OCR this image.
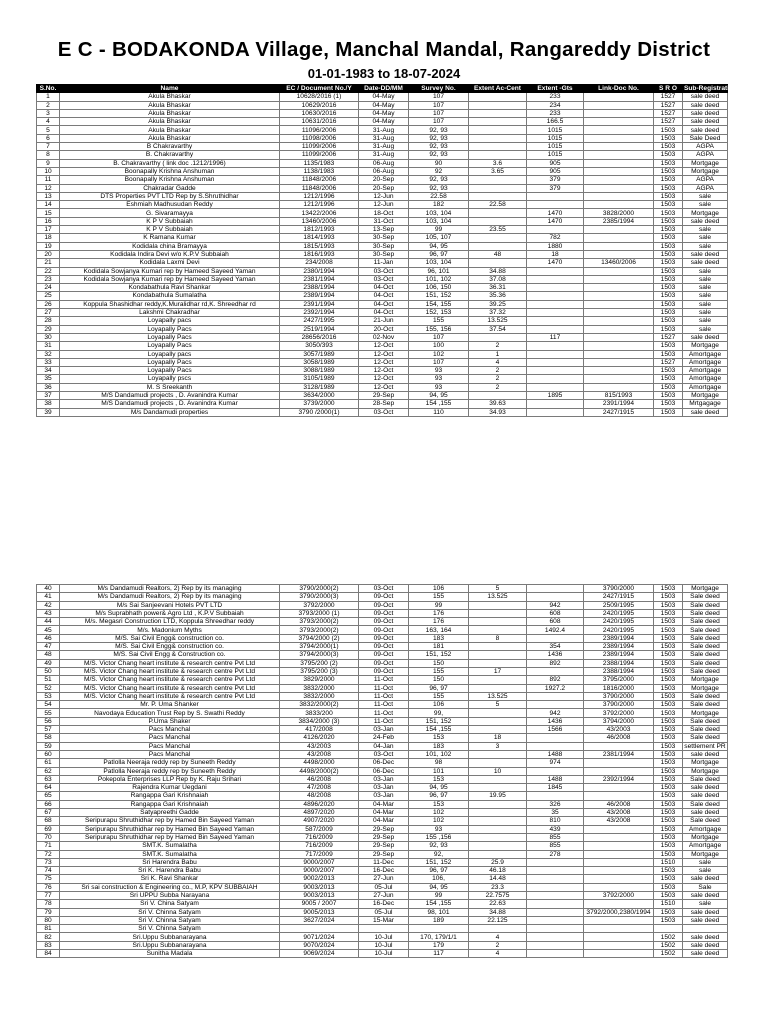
E C - BODAKONDA Village, Manchal Mandal, Rangareddy District
01-01-1983 to 18-07-2024
S.No.	Name	EC / Document No./Y	Date-DD/MM	Survey No.	Extent Ac-Cent	Extent -Gts	Link-Doc No.	S R O	Sub-Registration
1	Akula Bhaskar	10628/2016 (1)	04-May	107		233		1527	sale deed
2	Akula Bhaskar	10629/2016	04-May	107		234		1527	sale deed
3	Akula Bhaskar	10630/2016	04-May	107		233		1527	sale deed
4	Akula Bhaskar	10631/2016	04-May	107		166.5		1527	sale deed
5	Akula Bhaskar	11096/2006	31-Aug	92, 93		1015		1503	sale deed
6	Akula Bhaskar	11098/2006	31-Aug	92, 93		1015		1503	Sale Deed
7	B Chakravarthy	11099/2006	31-Aug	92, 93		1015		1503	AGPA
8	B. Chakravarthy	11099/2006	31-Aug	92, 93		1015		1503	AGPA
9	B. Chakravarthy ( link doc .1212/1996)	1135/1983	06-Aug	90	3.6	905		1503	Mortgage
10	Boonapally Krishna Anshuman	1138/1983	06-Aug	92	3.65	905		1503	Mortgage
11	Boonapally Krishna Anshuman	11848/2006	20-Sep	92, 93		379		1503	AGPA
12	Chakradar Gadde	11848/2006	20-Sep	92, 93		379		1503	AGPA
13	DTS Properties PVT LTD Rep by S.Shruthidhar	1212/1996	12-Jun	22.58				1503	sale
14	Eshmiah Madhusudan Reddy	1212/1996	12-Jun	182	22.58			1503	sale
15	G. Sivaramayya	13422/2006	18-Oct	103, 104		1470	3828/2000	1503	Mortgage
16	K P V Subbaiah	13460/2006	31-Oct	103, 104		1470	2385/1994	1503	sale deed
17	K P V Subbaiah	1812/1993	13-Sep	99	23.55			1503	sale
18	K Ramana Kumar	1814/1993	30-Sep	105, 107		782		1503	sale
19	Kodidala china Bramayya	1815/1993	30-Sep	94, 95		1880		1503	sale
20	Kodidala Indira Devi w/o K.P.V Subbaiah	1816/1993	30-Sep	96, 97	48	18		1503	sale deed
21	Kodidala Laxmi Devi	234/2008	11-Jan	103, 104		1470	13460/2006	1503	sale deed
22	Kodidala Sowjanya Kumari rep by Hameed Sayeed Yaman	2380/1994	03-Oct	96, 101	34.88			1503	sale
23	Kodidala Sowjanya Kumari rep by Hameed Sayeed Yaman	2381/1994	03-Oct	101, 102	37.08			1503	sale
24	Kondabathula Ravi Shankar	2388/1994	04-Oct	106, 150	36.31			1503	sale
25	Kondabathula Sumalatha	2389/1994	04-Oct	151, 152	35.36			1503	sale
26	Koppula Shashidhar reddy,K.Muralidhar rd,K. Shreedhar rd	2391/1994	04-Oct	154, 155	39.25			1503	sale
27	Lakshmi Chakradhar	2392/1994	04-Oct	152, 153	37.32			1503	sale
28	Loyapally pacs	2427/1995	21-Jun	155	13.525			1503	sale
29	Loyapally Pacs	2519/1994	20-Oct	155, 156	37.54			1503	sale
30	Loyapally Pacs	28656/2016	02-Nov	107		117		1527	sale deed
31	Loyapally Pacs	3050/393	12-Oct	100	2			1503	Mortgage
32	Loyapally pacs	3057/1989	12-Oct	102	1			1503	Amortgage
33	Loyapally Pacs	3058/1989	12-Oct	107	4			1527	Amortgage
34	Loyapally Pacs	3088/1989	12-Oct	93	2			1503	Amortgage
35	Loyapally pscs	3105/1989	12-Oct	93	2			1503	Amortgage
36	M. S Sreekanth	3128/1989	12-Oct	93	2			1503	Amortgage
37	M/S Dandamudi projects , D. Avanindra Kumar	3634/2000	29-Sep	94, 95		1895	815/1993	1503	Mortgage
38	M/S Dandamudi projects , D. Avanindra Kumar	3739/2000	28-Sep	154 ,155	39.63		2391/1994	1503	Mrtgagage
39	M/s Dandamudi properties	3790 /2000(1)	03-Oct	110	34.93		2427/1915	1503	sale deed
40	M/s Dandamudi Realtors, 2) Rep by its managing	3790/2000(2)	03-Oct	106	5		3790/2000	1503	Mortgage
41	M/s Dandamudi Realtors, 2) Rep by its managing	3790/2000(3)	09-Oct	155	13.525		2427/1915	1503	Sale deed
42	M/s Sai Sanjeevani Hotels PVT LTD	3792/2000	09-Oct	99		942	2509/1995	1503	Sale deed
43	M/s Suprabhath power& Agro Ltd , K.P.V Subbaiah	3793/2000 (1)	09-Oct	176		608	2420/1995	1503	Sale deed
44	M/s. Megasri Construction LTD, Koppula Shreedhar reddy	3793/2000(2)	09-Oct	176		608	2420/1995	1503	Sale deed
45	M/s. Madonium Myths	3793/2000(2)	09-Oct	163, 164		1492.4	2420/1995	1503	Sale deed
46	M/S. Sai Civil Engg& construction co.	3794/2000 (2)	09-Oct	183	8		2389/1994	1503	Sale deed
47	M/S. Sai Civil Engg& construction co.	3794/2000(1)	09-Oct	181		354	2389/1994	1503	Sale deed
48	M/S. Sai Civil Engg & Construction co.	3794/2000(3)	09-Oct	151, 152		1436	2389/1994	1503	Sale deed
49	M/S. Victor Chang heart institute & research centre Pvt Ltd	3795/200 (2)	09-Oct	150		892	2388/1994	1503	Sale deed
50	M/S. Victor Chang heart institute & research centre Pvt Ltd	3795/200 (3)	09-Oct	155	17		2388/1994	1503	Sale deed
51	M/S. Victor Chang heart institute & research centre Pvt Ltd	3829/2000	11-Oct	150		892	3795/2000	1503	Mortgage
52	M/S. Victor Chang heart institute & research centre Pvt Ltd	3832/2000	11-Oct	96, 97		1927.2	1816/2000	1503	Mortgage
53	M/S. Victor Chang heart institute & research centre Pvt Ltd	3832/2000	11-Oct	155	13.525		3790/2000	1503	Sale deed
54	Mr. P. Uma Shanker	3832/2000(2)	11-Oct	106	5		3790/2000	1503	Sale deed
55	Navodaya Education Trust Rep by S. Swathi Reddy	3833/200	11-Oct	99,		942	3792/2000	1503	Mortgage
56	P.Uma Shaker	3834/2000 (3)	11-Oct	151, 152		1436	3794/2000	1503	Sale deed
57	Pacs Manchal	417/2008	03-Jan	154 ,155		1566	43/2003	1503	Sale deed
58	Pacs Manchal	4126/2020	24-Feb	153	18		46/2008	1503	Sale deed
59	Pacs Manchal	43/2003	04-Jan	183	3			1503	settlement PR
60	Pacs Manchal	43/2008	03-Oct	101, 102		1488	2381/1994	1503	sale deed
61	Patlolla Neeraja reddy rep by Suneeth Reddy	4498/2000	06-Dec	98		974		1503	Mortgage
62	Patlolla Neeraja reddy rep by Suneeth Reddy	4498/2000(2)	06-Dec	101	10			1503	Mortgage
63	Pokepola Enterprises LLP Rep by K. Raju Srihari	46/2008	03-Jan	153		1488	2392/1994	1503	Sale deed
64	Rajendra Kumar Uegdani	47/2008	03-Jan	94, 95		1845		1503	sale deed
65	Rangappa Gari Krishnaiah	48/2008	03-Jan	96, 97	19.95			1503	sale deed
66	Rangappa Gari Krishnaiah	4896/2020	04-Mar	153		326	46/2008	1503	Sale deed
67	Satyapreethi Gadde	4897/2020	04-Mar	102		35	43/2008	1503	sale deed
68	Seripurapu Shruthidhar rep by Hamed Bin Sayeed Yaman	4907/2020	04-Mar	102		810	43/2008	1503	Sale deed
69	Seripurapu Shruthidhar rep by Hamed Bin Sayeed Yaman	587/2009	29-Sep	93		439		1503	Amortgage
70	Seripurapu Shruthidhar rep by Hamed Bin Sayeed Yaman	716/2009	29-Sep	155 ,156		855		1503	Mortgage
71	SMT.K. Sumalatha	716/2009	29-Sep	92, 93		855		1503	Amortgage
72	SMT.K. Sumalatha	717/2009	29-Sep	92,		278		1503	Mortgage
73	Sri Harendra Babu	9000/2007	11-Dec	151, 152	25.9			1510	sale
74	Sri K. Harendra Babu	9000/2007	16-Dec	96, 97	46.18			1503	sale
75	Sri K. Ravi Shankar	9002/2013	27-Jun	106,	14.48			1503	sale deed
76	Sri sai construction & Engineering co., M.P, KPV SUBBAIAH	9003/2013	05-Jul	94, 95	23.3			1503	Sale
77	Sri UPPU Subba Narayana	9003/2013	27-Jun	99	22.7575		3792/2000	1503	sale deed
78	Sri V. China Satyam	9005 / 2007	16-Dec	154 ,155	22.63			1510	sale
79	Sri V. Chinna Satyam	9005/2013	05-Jul	98, 101	34.88		3792/2000,2380/1994	1503	sale deed
80	Sri V. Chinna Satyam	3627/2024	15-Mar	189	22.125			1503	sale deed
81	Sri V. Chinna Satyam								
82	Sri.Uppu Subbanarayana	9071/2024	10-Jul	170, 179/1/1	4			1502	sale deed
83	Sri.Uppu Subbanarayana	9070/2024	10-Jul	179	2			1502	sale deed
84	Sunitha Madala	9069/2024	10-Jul	117	4			1502	sale deed
